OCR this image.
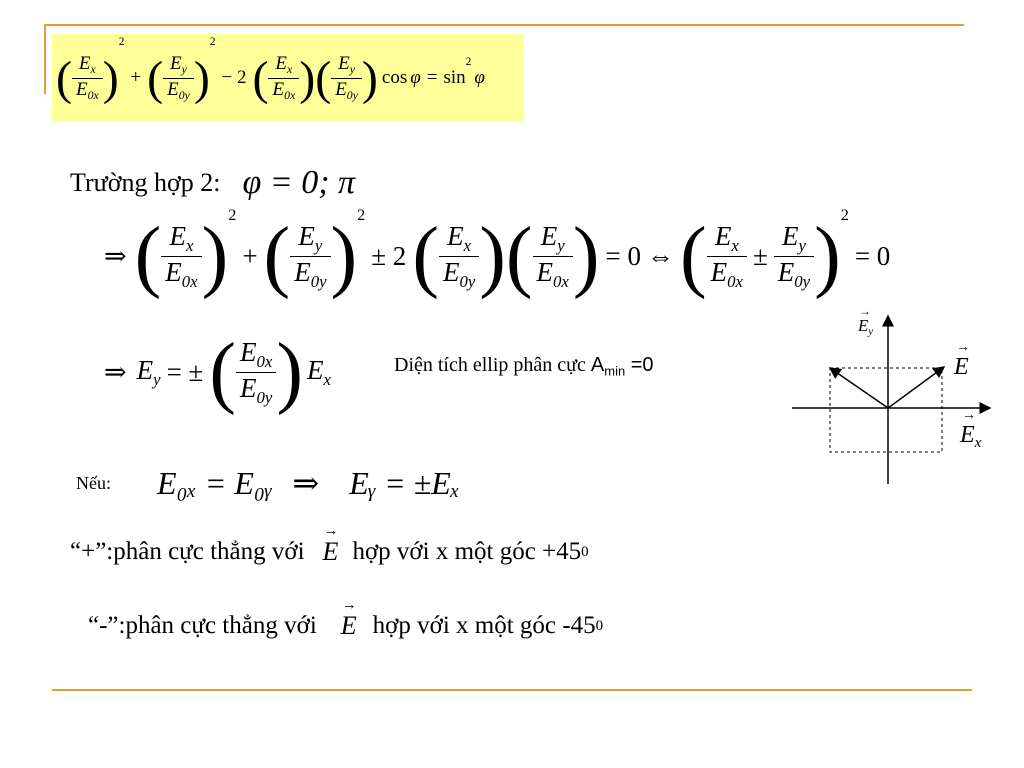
( $\frac{E_x}{E_{0x}}$ )
2
+ ( $\frac{E_y}{E_{0y}}$ )
2
− 2 ( $\frac{E_x}{E_{0x}}$ )( $\frac{E_y}{E_{0y}}$ ) cos φ = sin
2
φ
Trường hợp 2: φ = 0; π
⇒ ( $\frac{E_x}{E_{0x}}$ ) 2
+ ( $\frac{E_y}{E_{0y}}$ ) 2
± 2 ( $\frac{E_x}{E_{0y}}$ )( $\frac{E_y}{E_{0x}}$ ) = 0 ⇔ ( $\frac{E_x}{E_{0x}} \pm \frac{E_y}{E_{0y}}$ ) 2
= 0
⇒ $E_y$ = ± ( $\frac{E_{0x}}{E_{0y}}$ ) $E_x$
Diện tích ellip phân cực $A_{min} =0$
→
$E_y$
→
E
→
$E_x$
Nếu:	E₀ₓ = E₀ᵧ ⇒ Eᵧ = ±Eₓ
“+”:phân cực thẳng với
→
E hợp với x một góc +45 0
“-”:phân cực thẳng với
→
E hợp với x một góc -45 0
